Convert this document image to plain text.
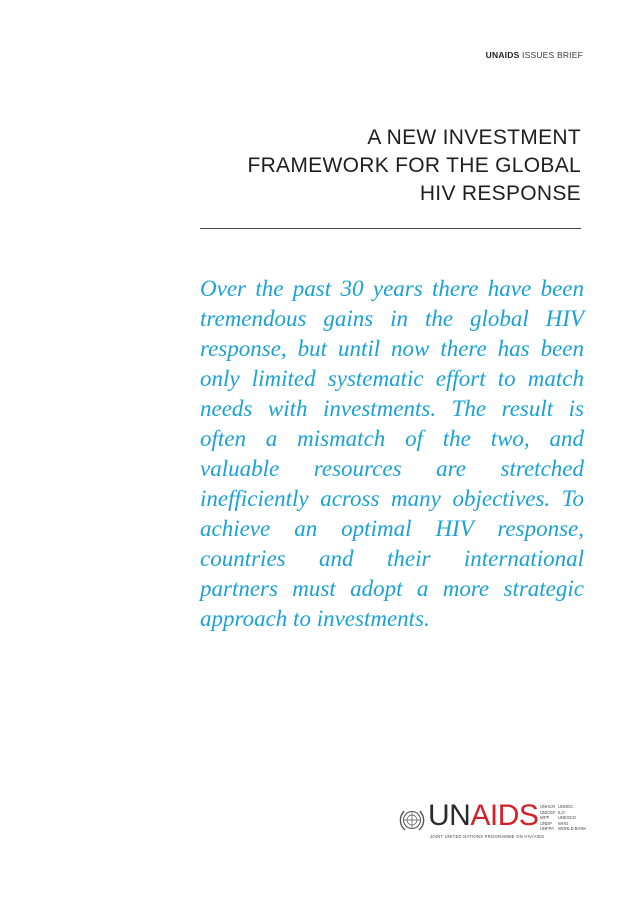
UNAIDS ISSUES BRIEF
A NEW INVESTMENT
FRAMEWORK FOR THE GLOBAL
HIV RESPONSE

Over the past 30 years there have been tremendous gains in the global HIV response, but until now there has been only limited systematic effort to match needs with investments. The result is often a mismatch of the two, and valuable resources are stretched inefficiently across many objectives. To achieve an optimal HIV response, countries and their international partners must adopt a more strategic approach to investments.

UNAIDS
JOINT UNITED NATIONS PROGRAMME ON HIV/AIDS
UNHCR
UNICEF
WFP
UNDP
UNFPA
UNODC
ILO
UNESCO
WHO
WORLD BANK
